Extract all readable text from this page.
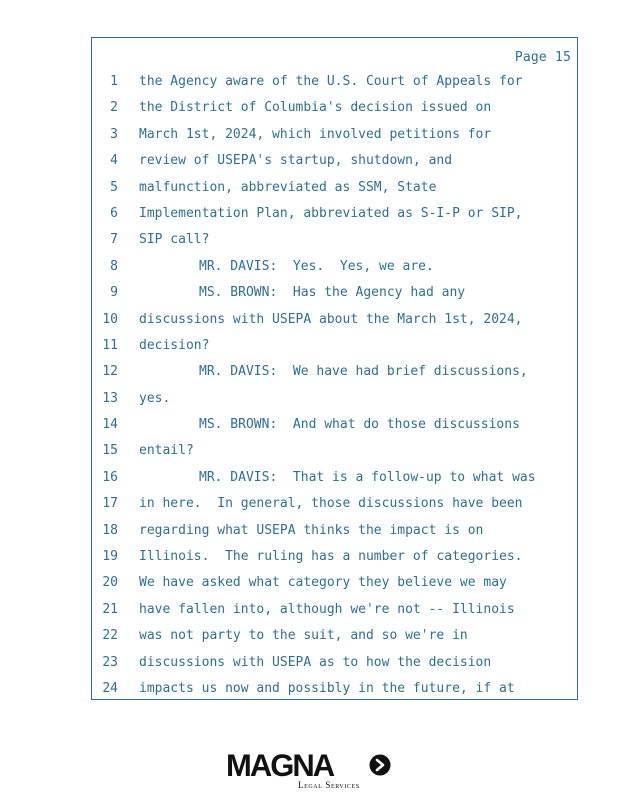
Page 15
1 the Agency aware of the U.S. Court of Appeals for
2 the District of Columbia's decision issued on
3 March 1st, 2024, which involved petitions for
4 review of USEPA's startup, shutdown, and
5 malfunction, abbreviated as SSM, State
6 Implementation Plan, abbreviated as S-I-P or SIP,
7 SIP call?
8	MR. DAVIS:  Yes.  Yes, we are.
9	MS. BROWN:  Has the Agency had any
10 discussions with USEPA about the March 1st, 2024,
11 decision?
12	MR. DAVIS:  We have had brief discussions,
13 yes.
14	MS. BROWN:  And what do those discussions
15 entail?
16	MR. DAVIS:  That is a follow-up to what was
17 in here.  In general, those discussions have been
18 regarding what USEPA thinks the impact is on
19 Illinois.  The ruling has a number of categories.
20 We have asked what category they believe we may
21 have fallen into, although we're not -- Illinois
22 was not party to the suit, and so we're in
23 discussions with USEPA as to how the decision
24 impacts us now and possibly in the future, if at
MAGNA
Legal Services
